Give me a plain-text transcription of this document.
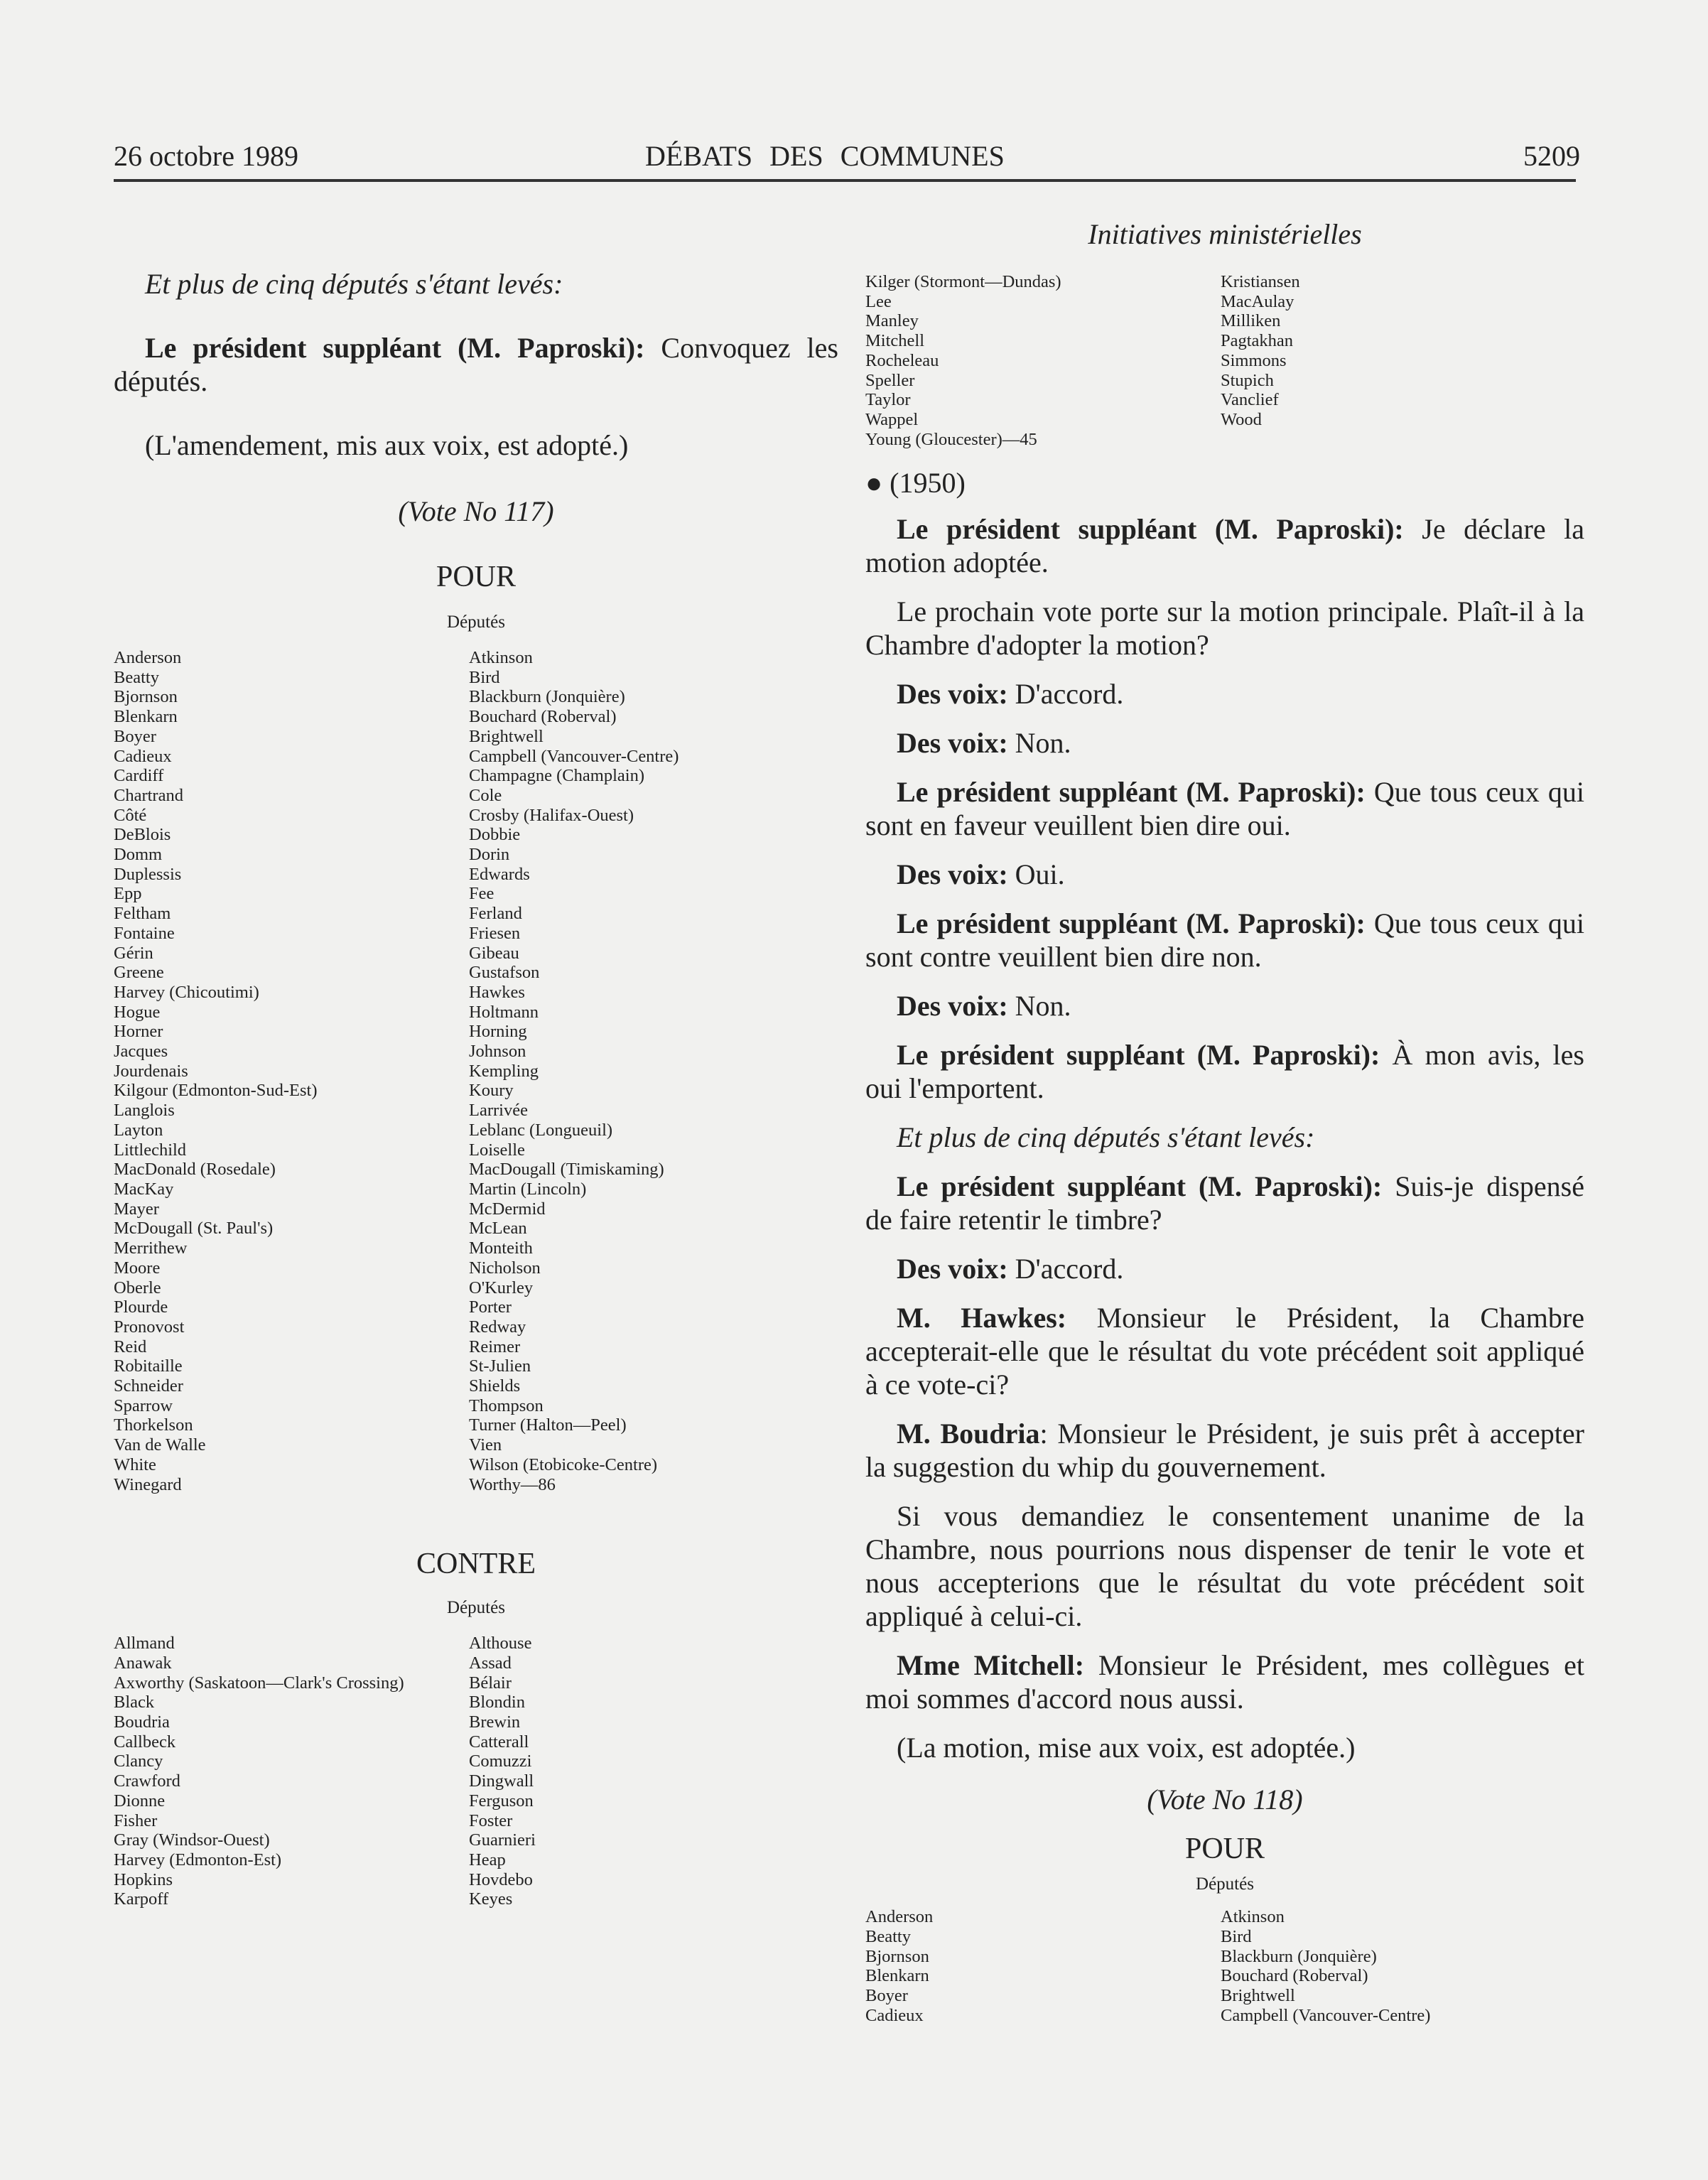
26 octobre 1989	DÉBATS DES COMMUNES	5209

Et plus de cinq députés s'étant levés:

Le président suppléant (M. Paproski): Convoquez les députés.

(L'amendement, mis aux voix, est adopté.)

(Vote No 117)

POUR

Députés

Anderson
Beatty
Bjornson
Blenkarn
Boyer
Cadieux
Cardiff
Chartrand
Côté
DeBlois
Domm
Duplessis
Epp
Feltham
Fontaine
Gérin
Greene
Harvey (Chicoutimi)
Hogue
Horner
Jacques
Jourdenais
Kilgour (Edmonton-Sud-Est)
Langlois
Layton
Littlechild
MacDonald (Rosedale)
MacKay
Mayer
McDougall (St. Paul's)
Merrithew
Moore
Oberle
Plourde
Pronovost
Reid
Robitaille
Schneider
Sparrow
Thorkelson
Van de Walle
White
Winegard
Atkinson
Bird
Blackburn (Jonquière)
Bouchard (Roberval)
Brightwell
Campbell (Vancouver-Centre)
Champagne (Champlain)
Cole
Crosby (Halifax-Ouest)
Dobbie
Dorin
Edwards
Fee
Ferland
Friesen
Gibeau
Gustafson
Hawkes
Holtmann
Horning
Johnson
Kempling
Koury
Larrivée
Leblanc (Longueuil)
Loiselle
MacDougall (Timiskaming)
Martin (Lincoln)
McDermid
McLean
Monteith
Nicholson
O'Kurley
Porter
Redway
Reimer
St-Julien
Shields
Thompson
Turner (Halton—Peel)
Vien
Wilson (Etobicoke-Centre)
Worthy—86

CONTRE

Députés

Allmand
Anawak
Axworthy (Saskatoon—Clark's Crossing)
Black
Boudria
Callbeck
Clancy
Crawford
Dionne
Fisher
Gray (Windsor-Ouest)
Harvey (Edmonton-Est)
Hopkins
Karpoff
Althouse
Assad
Bélair
Blondin
Brewin
Catterall
Comuzzi
Dingwall
Ferguson
Foster
Guarnieri
Heap
Hovdebo
Keyes
Initiatives ministérielles
Kilger (Stormont—Dundas)
Lee
Manley
Mitchell
Rocheleau
Speller
Taylor
Wappel
Young (Gloucester)—45
Kristiansen
MacAulay
Milliken
Pagtakhan
Simmons
Stupich
Vanclief
Wood

● (1950)

Le président suppléant (M. Paproski): Je déclare la motion adoptée.

Le prochain vote porte sur la motion principale. Plaît-il à la Chambre d'adopter la motion?

Des voix: D'accord.

Des voix: Non.

Le président suppléant (M. Paproski): Que tous ceux qui sont en faveur veuillent bien dire oui.

Des voix: Oui.

Le président suppléant (M. Paproski): Que tous ceux qui sont contre veuillent bien dire non.

Des voix: Non.

Le président suppléant (M. Paproski): À mon avis, les oui l'emportent.

Et plus de cinq députés s'étant levés:

Le président suppléant (M. Paproski): Suis-je dispensé de faire retentir le timbre?

Des voix: D'accord.

M. Hawkes: Monsieur le Président, la Chambre accepterait-elle que le résultat du vote précédent soit appliqué à ce vote-ci?

M. Boudria: Monsieur le Président, je suis prêt à accepter la suggestion du whip du gouvernement.

Si vous demandiez le consentement unanime de la Chambre, nous pourrions nous dispenser de tenir le vote et nous accepterions que le résultat du vote précédent soit appliqué à celui-ci.

Mme Mitchell: Monsieur le Président, mes collègues et moi sommes d'accord nous aussi.

(La motion, mise aux voix, est adoptée.)

(Vote No 118)

POUR

Députés

Anderson
Beatty
Bjornson
Blenkarn
Boyer
Cadieux
Atkinson
Bird
Blackburn (Jonquière)
Bouchard (Roberval)
Brightwell
Campbell (Vancouver-Centre)
